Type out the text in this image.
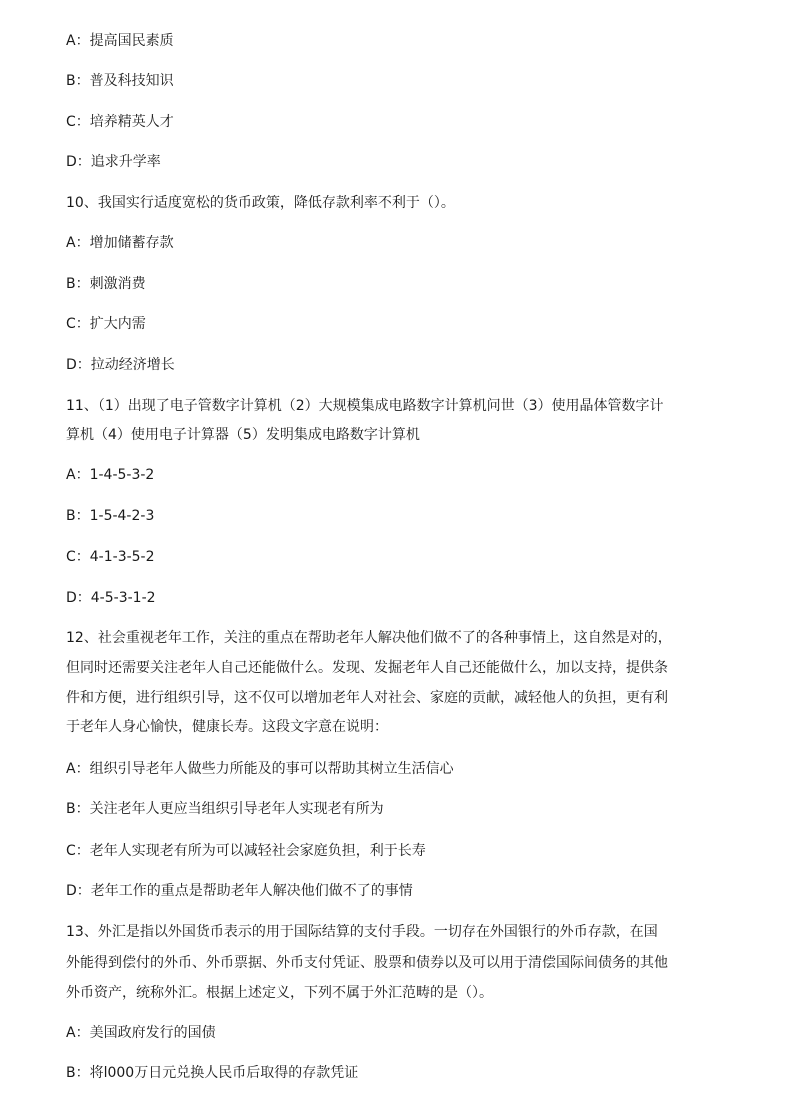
A：提高国民素质
B：普及科技知识
C：培养精英人才
D：追求升学率
10、我国实行适度宽松的货币政策，降低存款利率不利于（）。
A：增加储蓄存款
B：刺激消费
C：扩大内需
D：拉动经济增长
11、（1）出现了电子管数字计算机（2）大规模集成电路数字计算机问世（3）使用晶体管数字计
算机（4）使用电子计算器（5）发明集成电路数字计算机
A：1-4-5-3-2
B：1-5-4-2-3
C：4-1-3-5-2
D：4-5-3-1-2
12、社会重视老年工作，关注的重点在帮助老年人解决他们做不了的各种事情上，这自然是对的，
但同时还需要关注老年人自己还能做什么。发现、发掘老年人自己还能做什么，加以支持，提供条
件和方便，进行组织引导，这不仅可以增加老年人对社会、家庭的贡献，减轻他人的负担，更有利
于老年人身心愉快，健康长寿。这段文字意在说明：
A：组织引导老年人做些力所能及的事可以帮助其树立生活信心
B：关注老年人更应当组织引导老年人实现老有所为
C：老年人实现老有所为可以减轻社会家庭负担，利于长寿
D：老年工作的重点是帮助老年人解决他们做不了的事情
13、外汇是指以外国货币表示的用于国际结算的支付手段。一切存在外国银行的外币存款，在国
外能得到偿付的外币、外币票据、外币支付凭证、股票和债券以及可以用于清偿国际间债务的其他
外币资产，统称外汇。根据上述定义，下列不属于外汇范畴的是（）。
A：美国政府发行的国债
B：将l000万日元兑换人民币后取得的存款凭证
